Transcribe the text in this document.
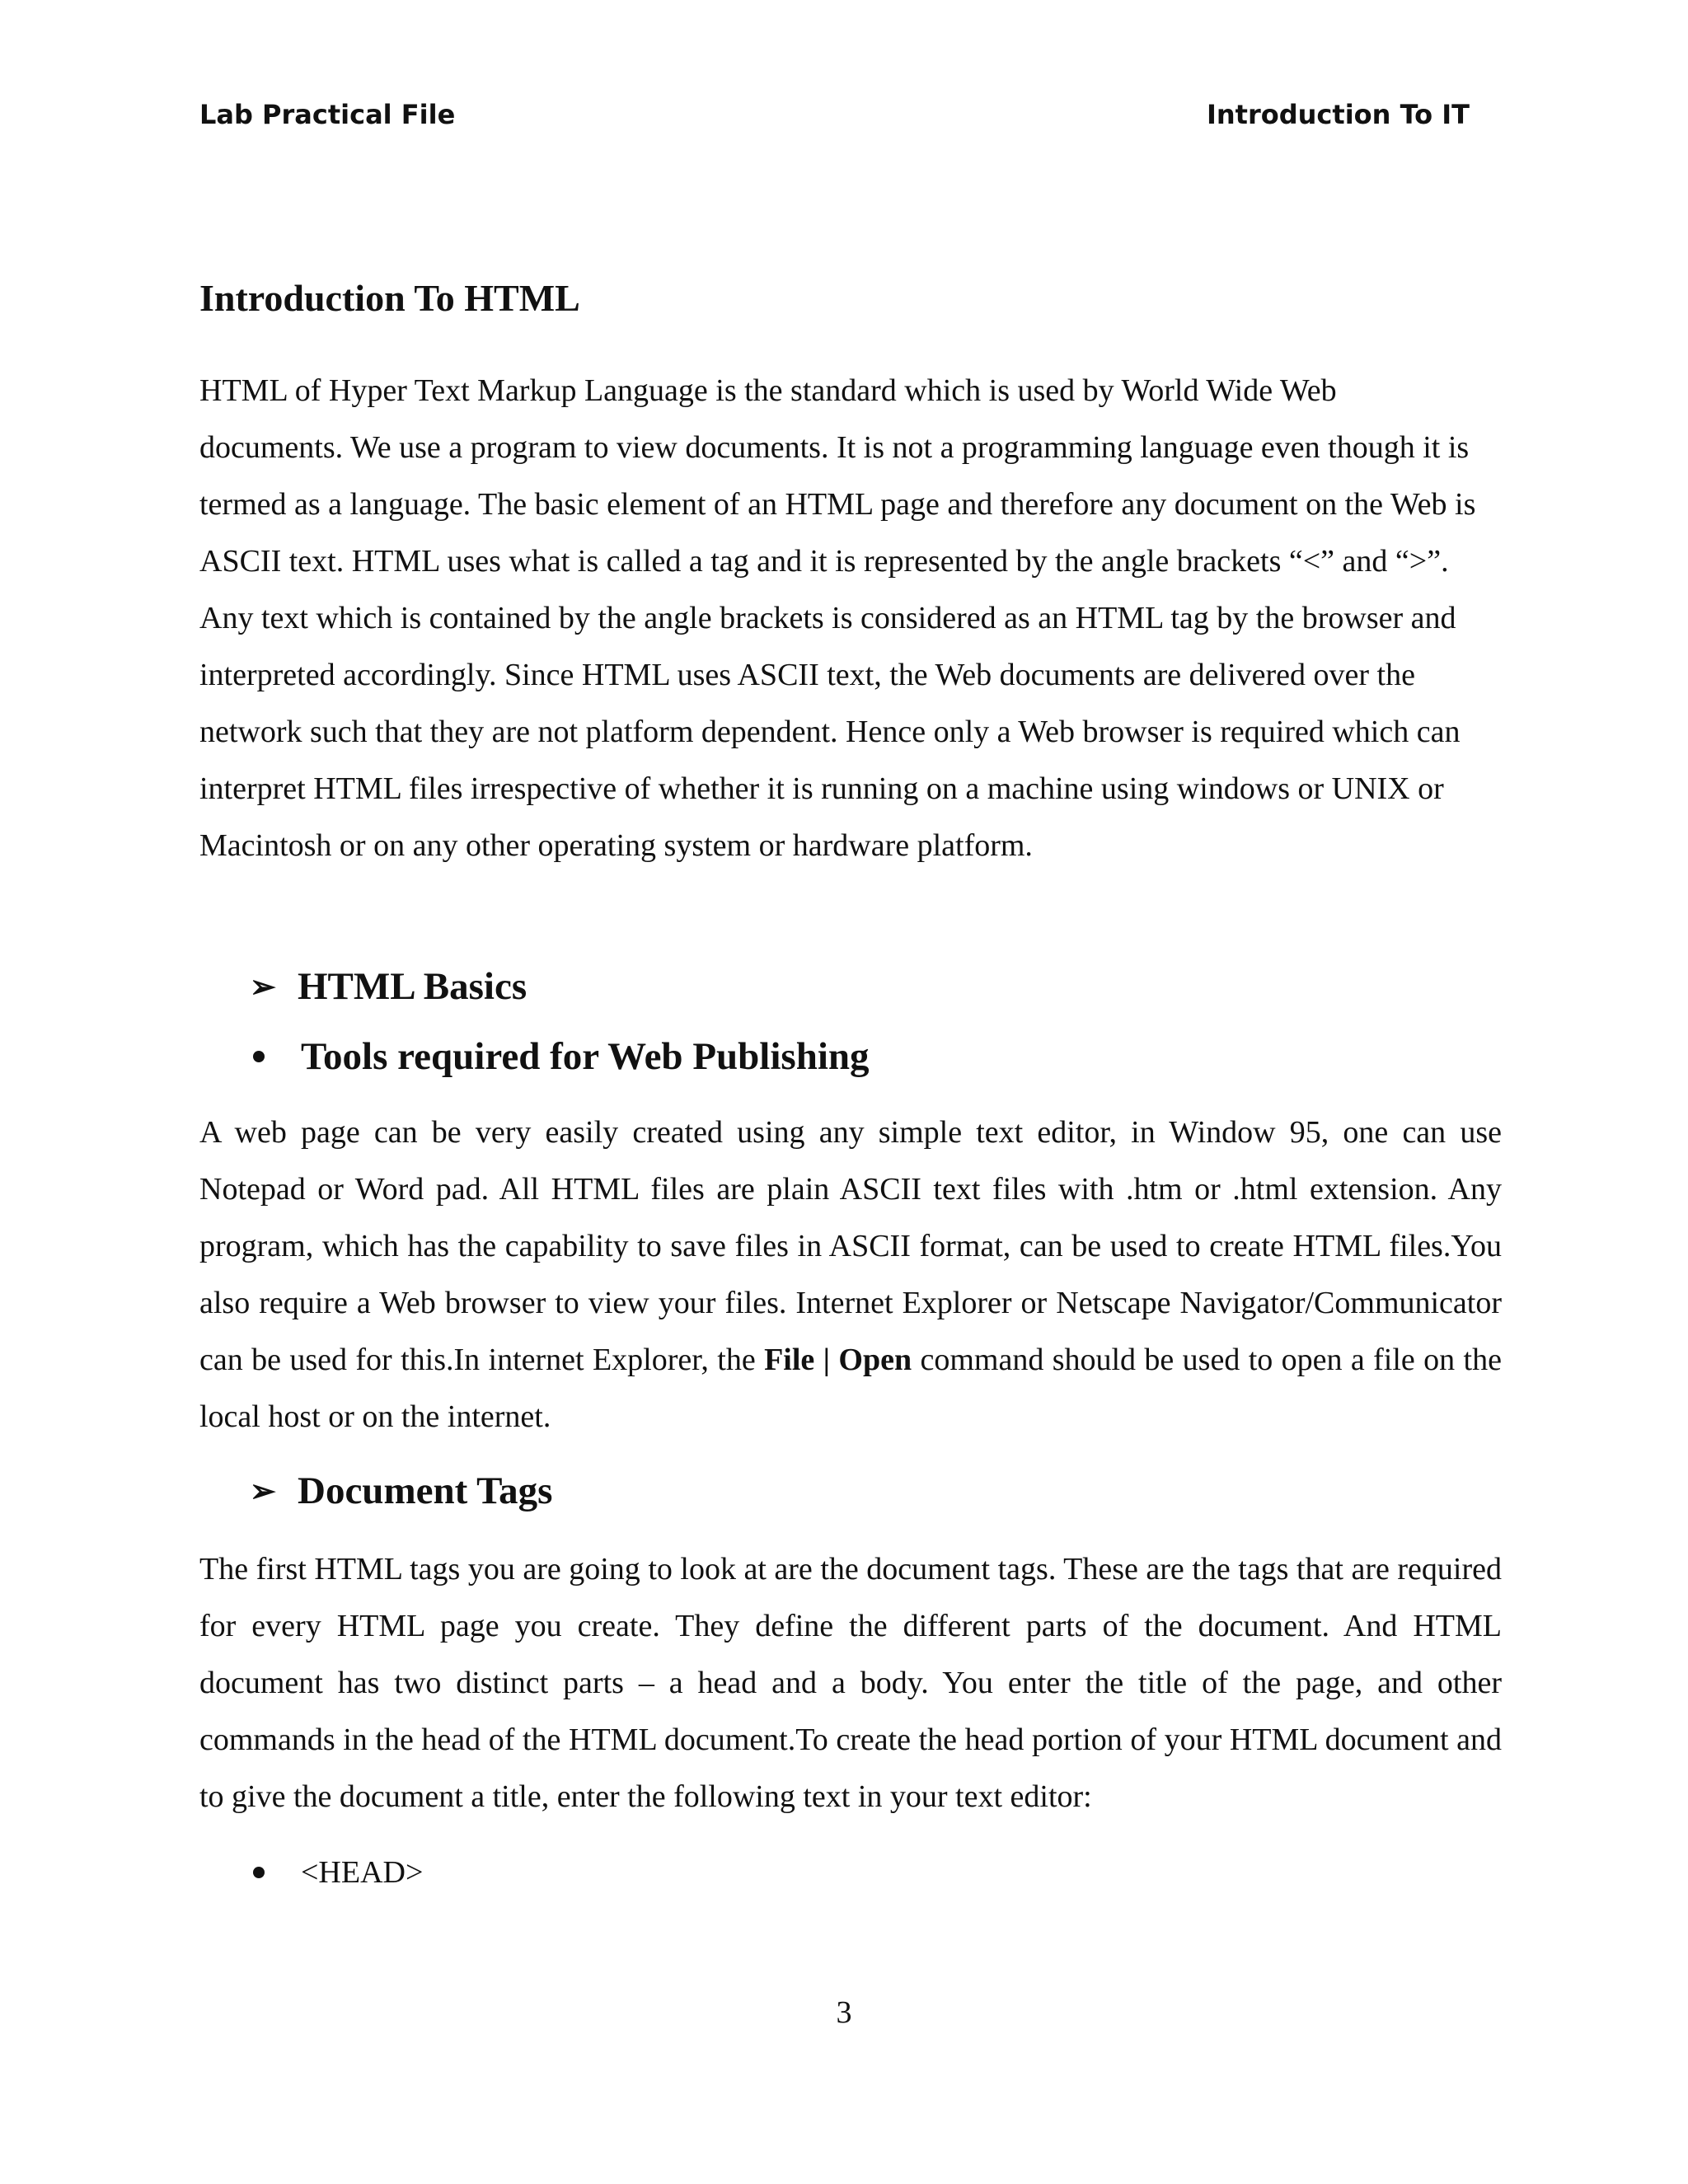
Lab Practical File	Introduction To IT
Introduction To HTML

HTML of Hyper Text Markup Language is the standard which is used by World Wide Web documents. We use a program to view documents. It is not a programming language even though it is termed as a language. The basic element of an HTML page and therefore any document on the Web is ASCII text. HTML uses what is called a tag and it is represented by the angle brackets “<” and “>”. Any text which is contained by the angle brackets is considered as an HTML tag by the browser and interpreted accordingly. Since HTML uses ASCII text, the Web documents are delivered over the network such that they are not platform dependent. Hence only a Web browser is required which can interpret HTML files irrespective of whether it is running on a machine using windows or UNIX or Macintosh or on any other operating system or hardware platform.

➢ HTML Basics
Tools required for Web Publishing

A web page can be very easily created using any simple text editor, in Window 95, one can use Notepad or Word pad. All HTML files are plain ASCII text files with .htm or .html extension. Any program, which has the capability to save files in ASCII format, can be used to create HTML files.You also require a Web browser to view your files. Internet Explorer or Netscape Navigator/Communicator can be used for this.In internet Explorer, the File | Open command should be used to open a file on the local host or on the internet.

➢ Document Tags

The first HTML tags you are going to look at are the document tags. These are the tags that are required for every HTML page you create. They define the different parts of the document. And HTML document has two distinct parts – a head and a body. You enter the title of the page, and other commands in the head of the HTML document.To create the head portion of your HTML document and to give the document a title, enter the following text in your text editor:

<HEAD>

3
